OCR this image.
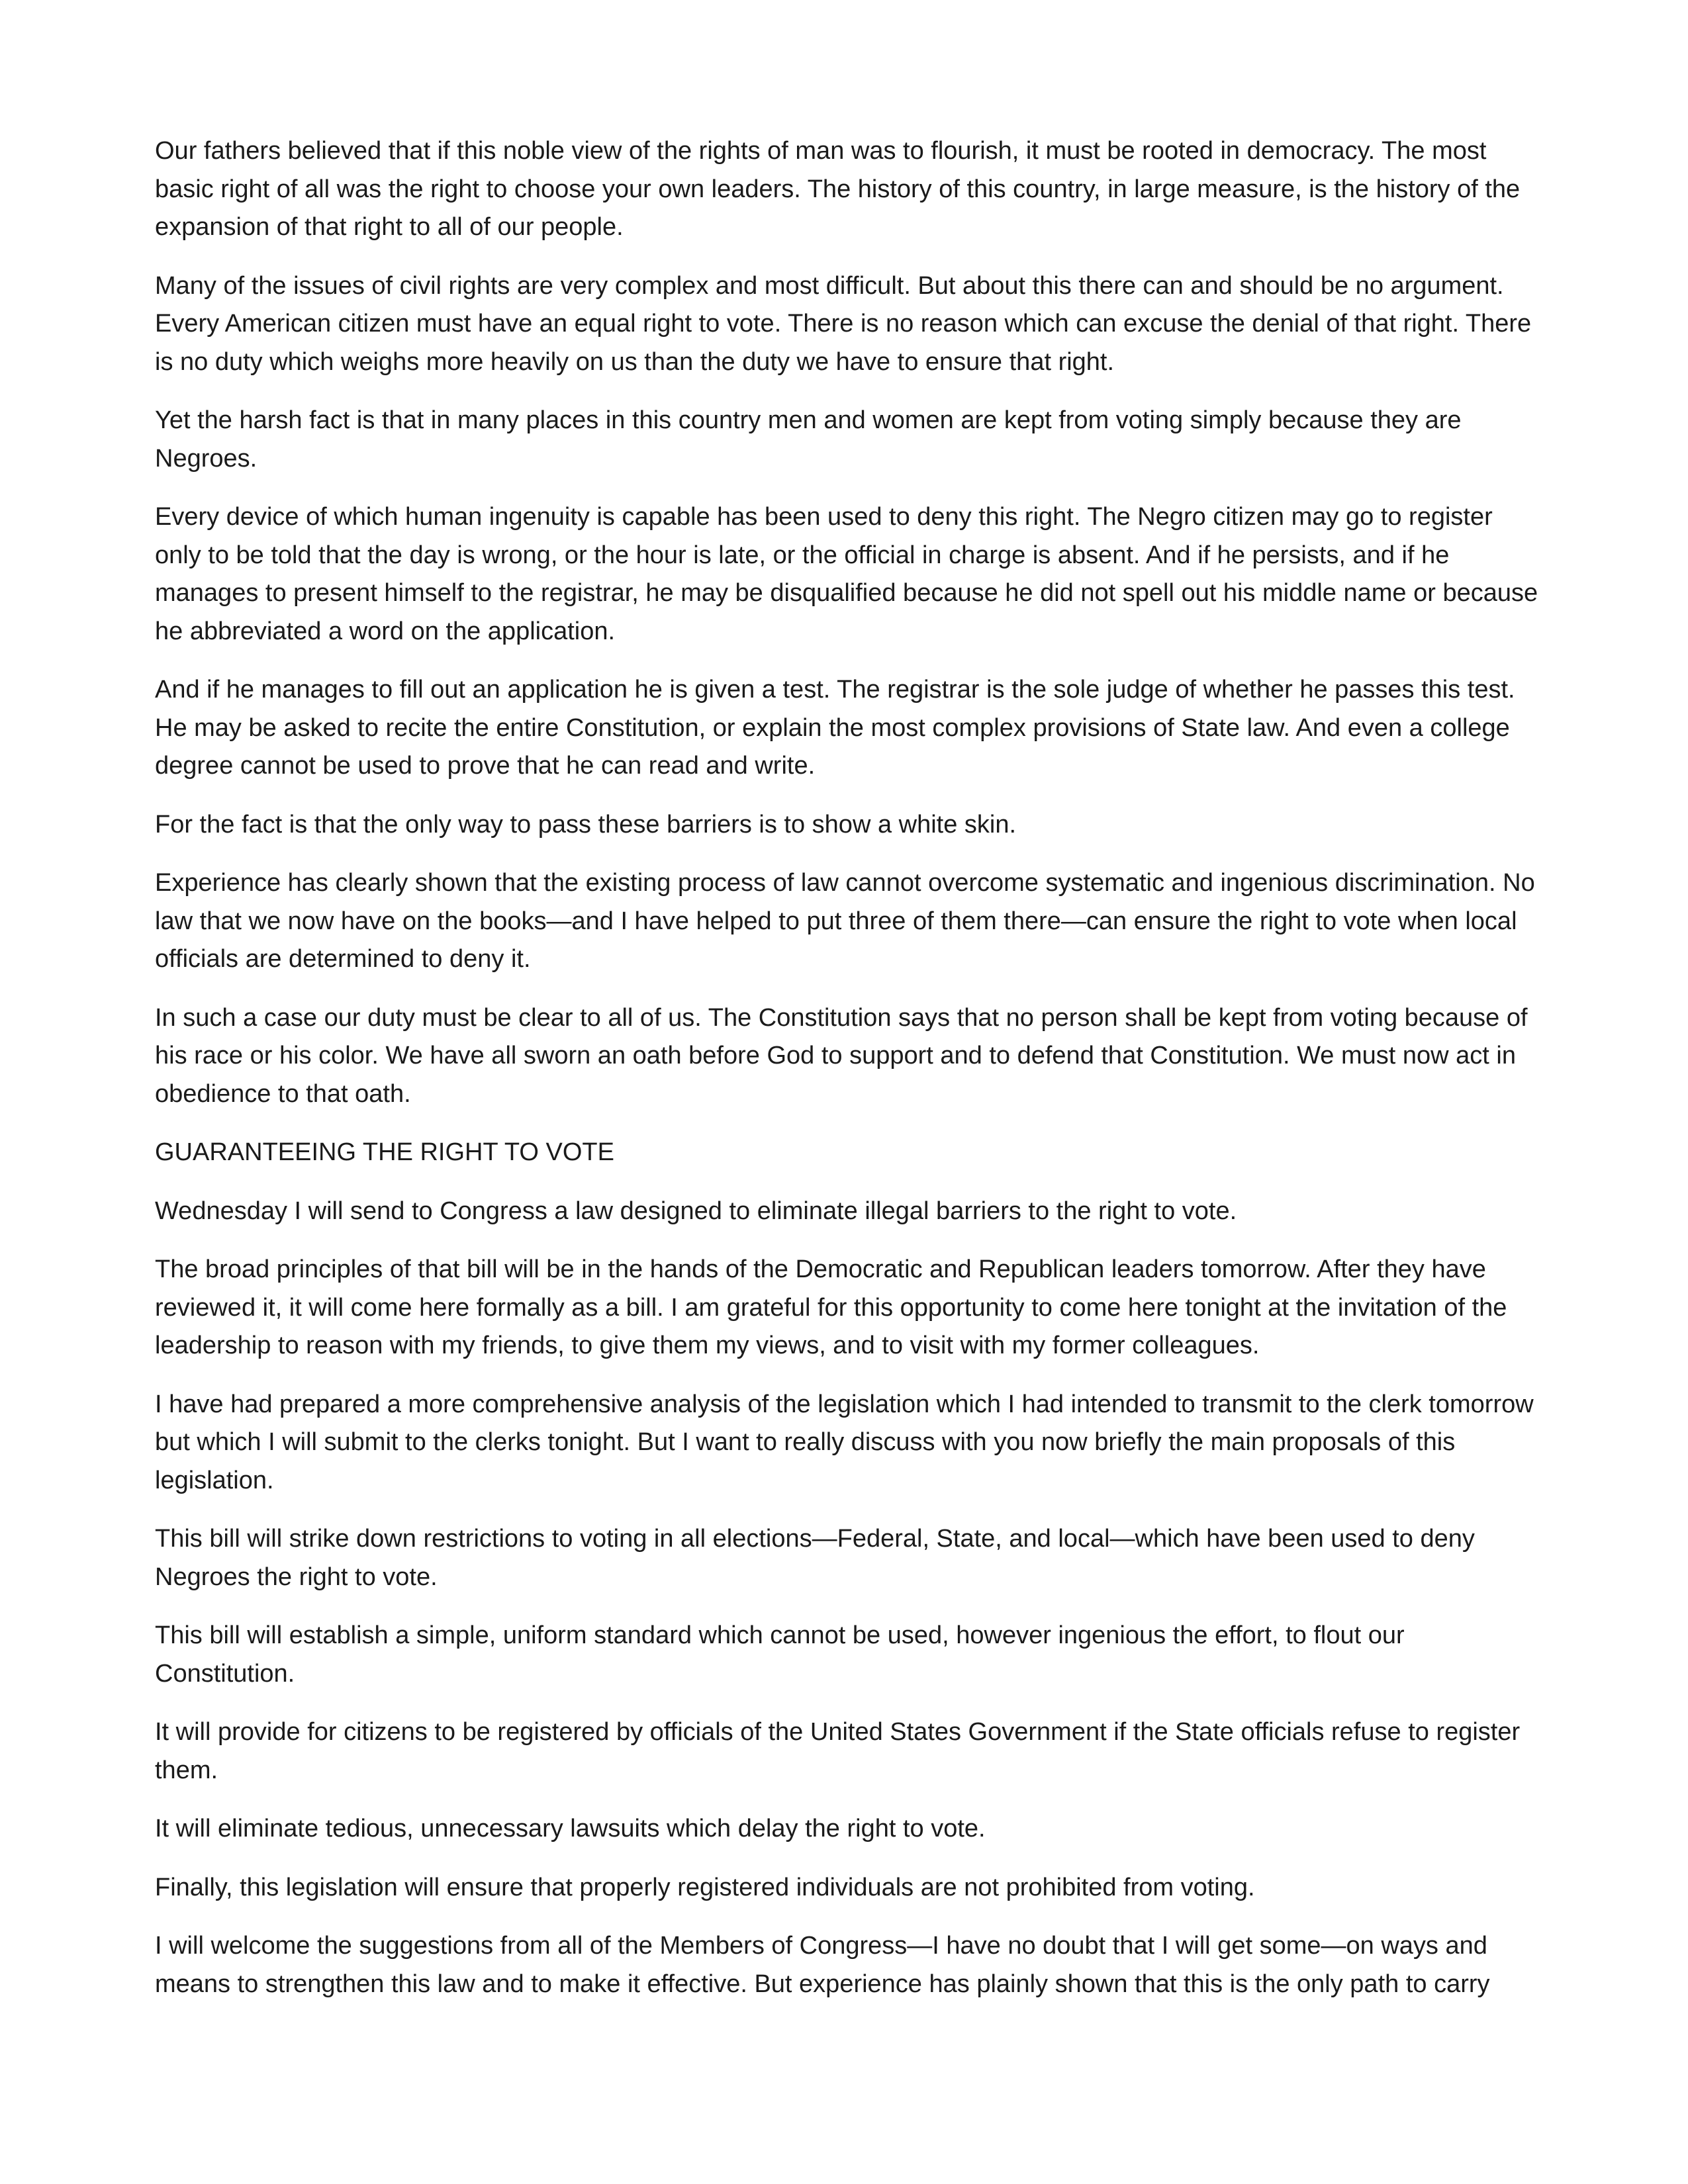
Our fathers believed that if this noble view of the rights of man was to flourish, it must be rooted in democracy. The most basic right of all was the right to choose your own leaders. The history of this country, in large measure, is the history of the expansion of that right to all of our people.

Many of the issues of civil rights are very complex and most difficult. But about this there can and should be no argument. Every American citizen must have an equal right to vote. There is no reason which can excuse the denial of that right. There is no duty which weighs more heavily on us than the duty we have to ensure that right.

Yet the harsh fact is that in many places in this country men and women are kept from voting simply because they are Negroes.

Every device of which human ingenuity is capable has been used to deny this right. The Negro citizen may go to register only to be told that the day is wrong, or the hour is late, or the official in charge is absent. And if he persists, and if he manages to present himself to the registrar, he may be disqualified because he did not spell out his middle name or because he abbreviated a word on the application.

And if he manages to fill out an application he is given a test. The registrar is the sole judge of whether he passes this test. He may be asked to recite the entire Constitution, or explain the most complex provisions of State law. And even a college degree cannot be used to prove that he can read and write.

For the fact is that the only way to pass these barriers is to show a white skin.

Experience has clearly shown that the existing process of law cannot overcome systematic and ingenious discrimination. No law that we now have on the books—and I have helped to put three of them there—can ensure the right to vote when local officials are determined to deny it.

In such a case our duty must be clear to all of us. The Constitution says that no person shall be kept from voting because of his race or his color. We have all sworn an oath before God to support and to defend that Constitution. We must now act in obedience to that oath.

GUARANTEEING THE RIGHT TO VOTE

Wednesday I will send to Congress a law designed to eliminate illegal barriers to the right to vote.

The broad principles of that bill will be in the hands of the Democratic and Republican leaders tomorrow. After they have reviewed it, it will come here formally as a bill. I am grateful for this opportunity to come here tonight at the invitation of the leadership to reason with my friends, to give them my views, and to visit with my former colleagues.

I have had prepared a more comprehensive analysis of the legislation which I had intended to transmit to the clerk tomorrow but which I will submit to the clerks tonight. But I want to really discuss with you now briefly the main proposals of this legislation.

This bill will strike down restrictions to voting in all elections—Federal, State, and local—which have been used to deny Negroes the right to vote.

This bill will establish a simple, uniform standard which cannot be used, however ingenious the effort, to flout our Constitution.

It will provide for citizens to be registered by officials of the United States Government if the State officials refuse to register them.

It will eliminate tedious, unnecessary lawsuits which delay the right to vote.

Finally, this legislation will ensure that properly registered individuals are not prohibited from voting.

I will welcome the suggestions from all of the Members of Congress—I have no doubt that I will get some—on ways and means to strengthen this law and to make it effective. But experience has plainly shown that this is the only path to carry
